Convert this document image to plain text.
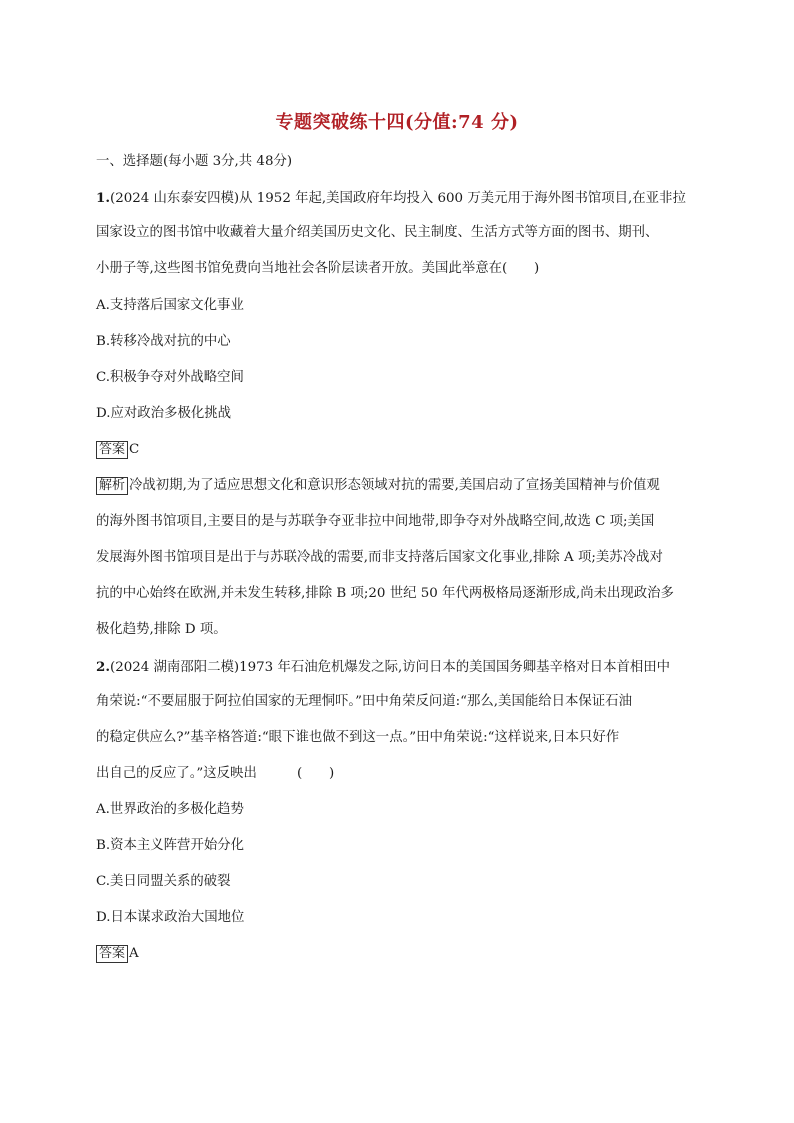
专题突破练十四(分值:74 分)
一、选择题(每小题 3分,共 48分)
1.(2024 山东泰安四模)从 1952 年起,美国政府年均投入 600 万美元用于海外图书馆项目,在亚非拉
国家设立的图书馆中收藏着大量介绍美国历史文化、民主制度、生活方式等方面的图书、期刊、
小册子等,这些图书馆免费向当地社会各阶层读者开放。美国此举意在(　　)
A.支持落后国家文化事业
B.转移冷战对抗的中心
C.积极争夺对外战略空间
D.应对政治多极化挑战
答案 C
解析 冷战初期,为了适应思想文化和意识形态领域对抗的需要,美国启动了宣扬美国精神与价值观
的海外图书馆项目,主要目的是与苏联争夺亚非拉中间地带,即争夺对外战略空间,故选 C 项;美国
发展海外图书馆项目是出于与苏联冷战的需要,而非支持落后国家文化事业,排除 A 项;美苏冷战对
抗的中心始终在欧洲,并未发生转移,排除 B 项;20 世纪 50 年代两极格局逐渐形成,尚未出现政治多
极化趋势,排除 D 项。
2.(2024 湖南邵阳二模)1973 年石油危机爆发之际,访问日本的美国国务卿基辛格对日本首相田中
角荣说:“不要屈服于阿拉伯国家的无理恫吓。”田中角荣反问道:“那么,美国能给日本保证石油
的稳定供应么?”基辛格答道:“眼下谁也做不到这一点。”田中角荣说:“这样说来,日本只好作
出自己的反应了。”这反映出　　　(　　)
A.世界政治的多极化趋势
B.资本主义阵营开始分化
C.美日同盟关系的破裂
D.日本谋求政治大国地位
答案 A
